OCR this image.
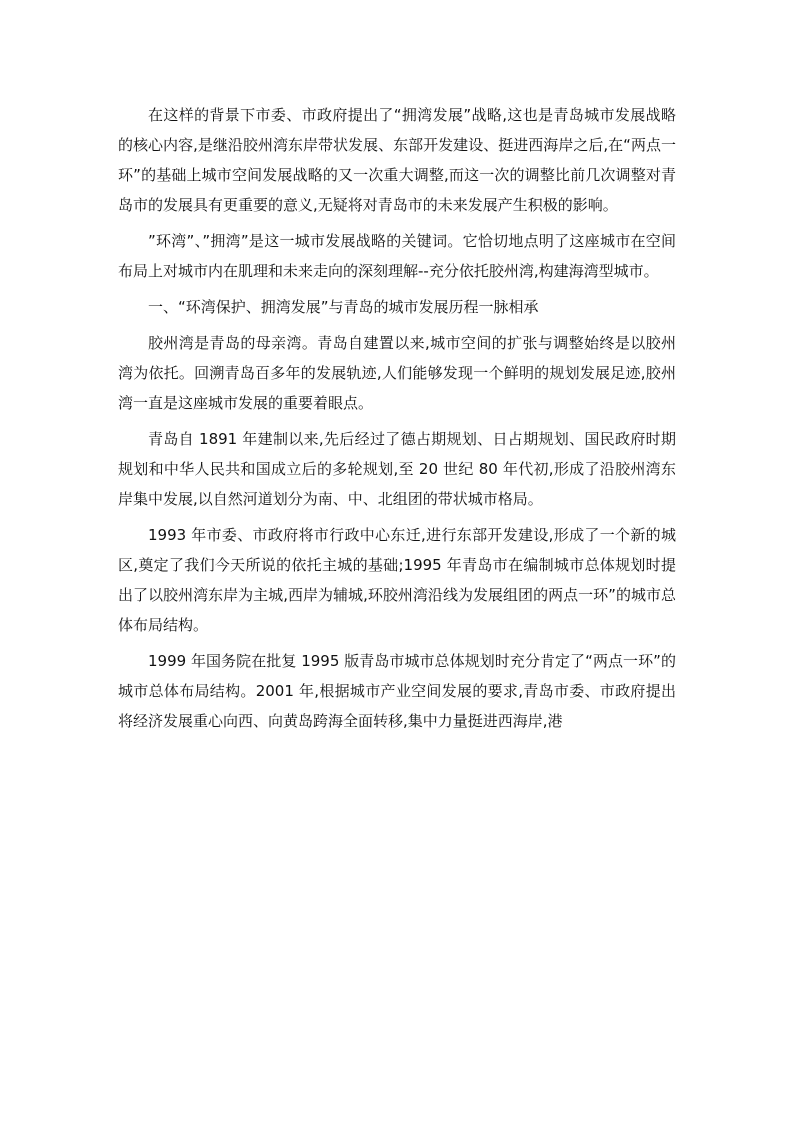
在这样的背景下市委、市政府提出了“拥湾发展”战略,这也是青岛城市发展战略的核心内容,是继沿胶州湾东岸带状发展、东部开发建设、挺进西海岸之后,在“两点一环”的基础上城市空间发展战略的又一次重大调整,而这一次的调整比前几次调整对青岛市的发展具有更重要的意义,无疑将对青岛市的未来发展产生积极的影响。

”环湾”、”拥湾”是这一城市发展战略的关键词。它恰切地点明了这座城市在空间布局上对城市内在肌理和未来走向的深刻理解--充分依托胶州湾,构建海湾型城市。

一、“环湾保护、拥湾发展”与青岛的城市发展历程一脉相承

胶州湾是青岛的母亲湾。青岛自建置以来,城市空间的扩张与调整始终是以胶州湾为依托。回溯青岛百多年的发展轨迹,人们能够发现一个鲜明的规划发展足迹,胶州湾一直是这座城市发展的重要着眼点。

青岛自 1891 年建制以来,先后经过了德占期规划、日占期规划、国民政府时期规划和中华人民共和国成立后的多轮规划,至 20 世纪 80 年代初,形成了沿胶州湾东岸集中发展,以自然河道划分为南、中、北组团的带状城市格局。

1993 年市委、市政府将市行政中心东迁,进行东部开发建设,形成了一个新的城区,奠定了我们今天所说的依托主城的基础;1995 年青岛市在编制城市总体规划时提出了以胶州湾东岸为主城,西岸为辅城,环胶州湾沿线为发展组团的两点一环”的城市总体布局结构。

1999 年国务院在批复 1995 版青岛市城市总体规划时充分肯定了“两点一环”的城市总体布局结构。2001 年,根据城市产业空间发展的要求,青岛市委、市政府提出将经济发展重心向西、向黄岛跨海全面转移,集中力量挺进西海岸,港
